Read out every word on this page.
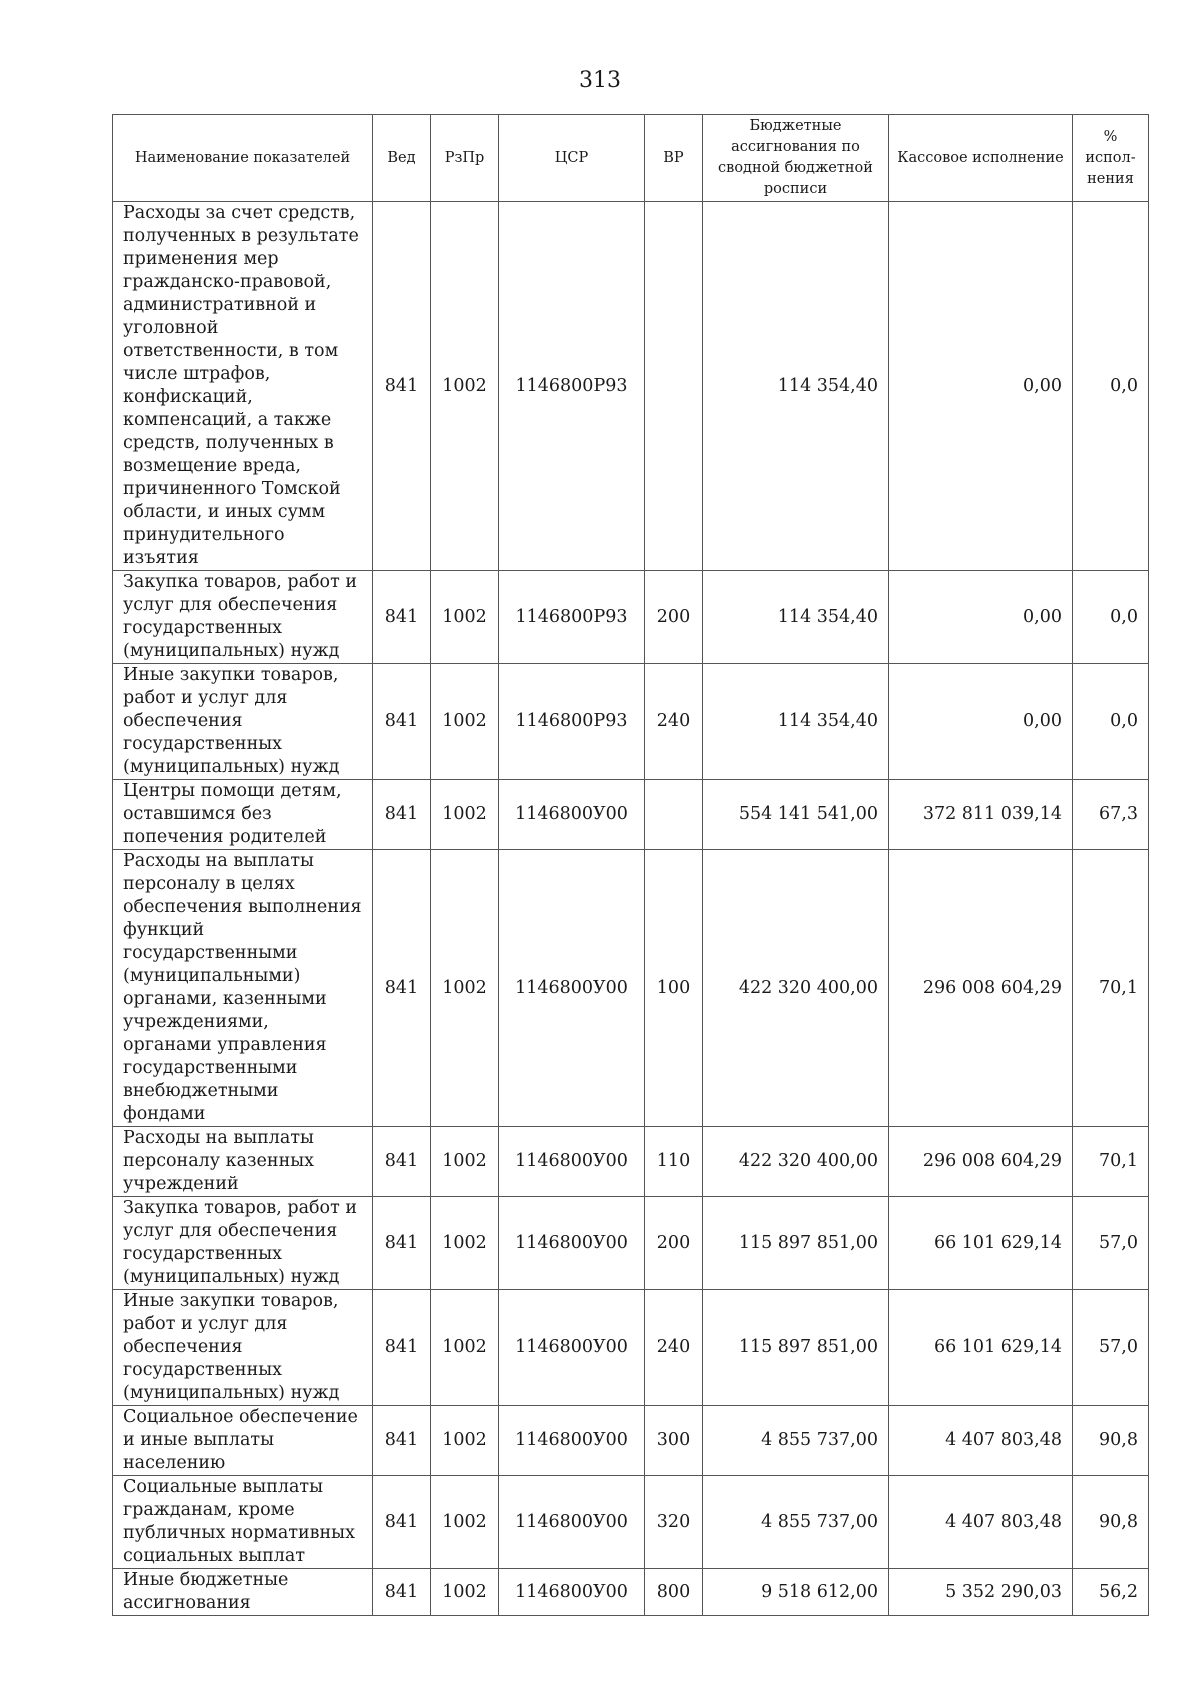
313
Наименование показателей	Вед	РзПр	ЦСР	ВР	Бюджетные ассигнования по сводной бюджетной росписи	Кассовое исполнение	% испол-нения
Расходы за счет средств, полученных в результате применения мер гражданско-правовой, административной и уголовной ответственности, в том числе штрафов, конфискаций, компенсаций, а также средств, полученных в возмещение вреда, причиненного Томской области, и иных сумм принудительного изъятия	841	1002	1146800Р93		114 354,40	0,00	0,0
Закупка товаров, работ и услуг для обеспечения государственных (муниципальных) нужд	841	1002	1146800Р93	200	114 354,40	0,00	0,0
Иные закупки товаров, работ и услуг для обеспечения государственных (муниципальных) нужд	841	1002	1146800Р93	240	114 354,40	0,00	0,0
Центры помощи детям, оставшимся без попечения родителей	841	1002	1146800У00		554 141 541,00	372 811 039,14	67,3
Расходы на выплаты персоналу в целях обеспечения выполнения функций государственными (муниципальными) органами, казенными учреждениями, органами управления государственными внебюджетными фондами	841	1002	1146800У00	100	422 320 400,00	296 008 604,29	70,1
Расходы на выплаты персоналу казенных учреждений	841	1002	1146800У00	110	422 320 400,00	296 008 604,29	70,1
Закупка товаров, работ и услуг для обеспечения государственных (муниципальных) нужд	841	1002	1146800У00	200	115 897 851,00	66 101 629,14	57,0
Иные закупки товаров, работ и услуг для обеспечения государственных (муниципальных) нужд	841	1002	1146800У00	240	115 897 851,00	66 101 629,14	57,0
Социальное обеспечение и иные выплаты населению	841	1002	1146800У00	300	4 855 737,00	4 407 803,48	90,8
Социальные выплаты гражданам, кроме публичных нормативных социальных выплат	841	1002	1146800У00	320	4 855 737,00	4 407 803,48	90,8
Иные бюджетные ассигнования	841	1002	1146800У00	800	9 518 612,00	5 352 290,03	56,2
